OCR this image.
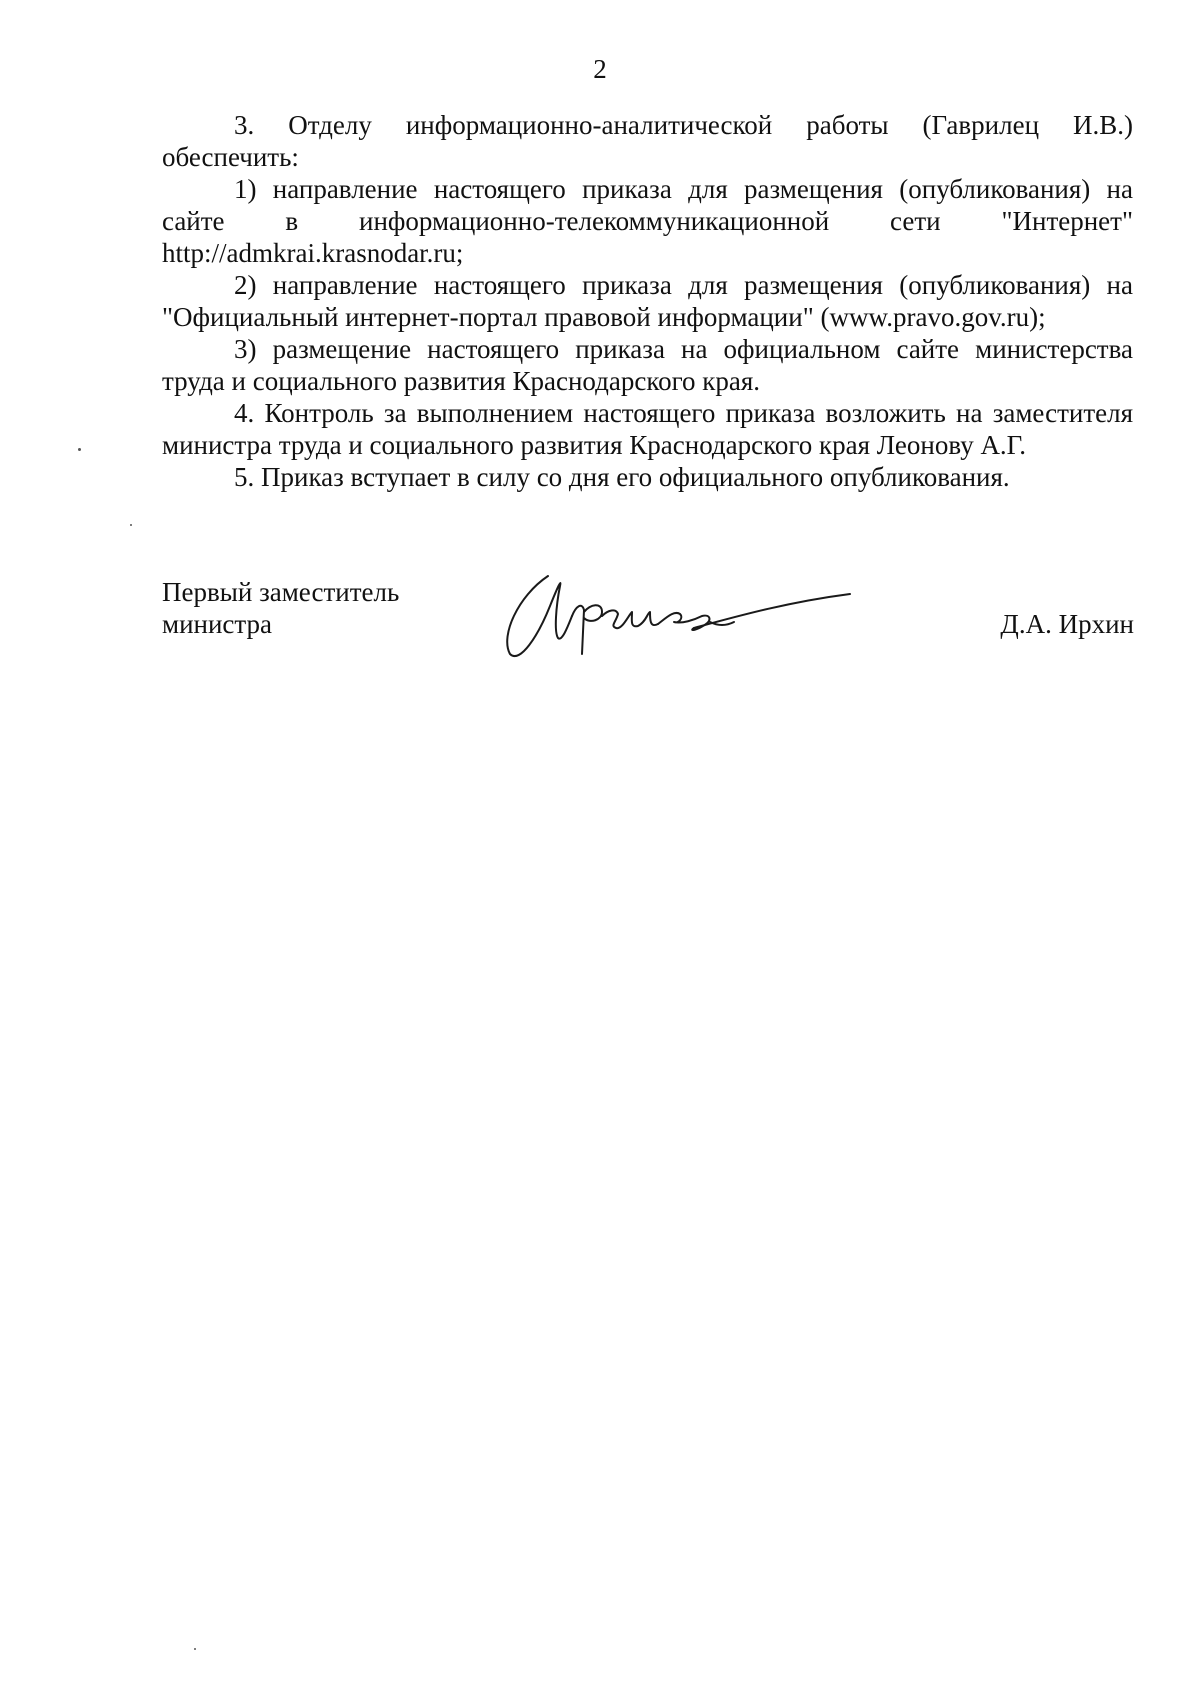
2

3. Отделу информационно-аналитической работы (Гаврилец И.В.) обеспечить:

1) направление настоящего приказа для размещения (опубликования) на сайте в информационно-телекоммуникационной сети "Интернет" http://admkrai.krasnodar.ru;

2) направление настоящего приказа для размещения (опубликования) на "Официальный интернет-портал правовой информации" (www.pravo.gov.ru);

3) размещение настоящего приказа на официальном сайте министерства труда и социального развития Краснодарского края.

4. Контроль за выполнением настоящего приказа возложить на заместителя министра труда и социального развития Краснодарского края Леонову А.Г.

5. Приказ вступает в силу со дня его официального опубликования.

Первый заместитель
министра	Д.А. Ирхин
